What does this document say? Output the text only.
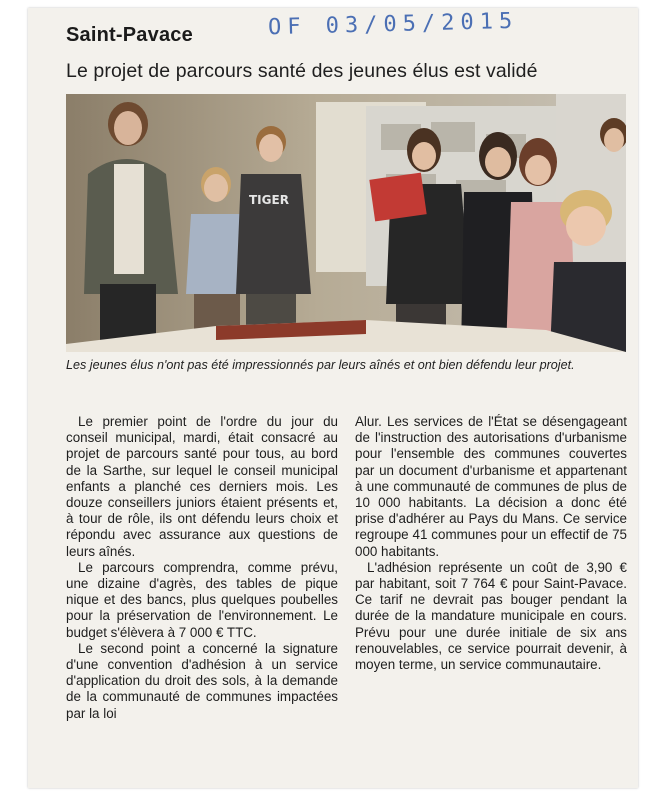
Saint-Pavace	OF 03/05/2015
Le projet de parcours santé des jeunes élus est validé
TIGER
Les jeunes élus n'ont pas été impressionnés par leurs aînés et ont bien défendu leur projet.

Le premier point de l'ordre du jour du conseil municipal, mardi, était consacré au projet de parcours santé pour tous, au bord de la Sarthe, sur lequel le conseil municipal enfants a planché ces derniers mois. Les douze conseillers juniors étaient présents et, à tour de rôle, ils ont défendu leurs choix et répondu avec assurance aux questions de leurs aînés.

Le parcours comprendra, comme prévu, une dizaine d'agrès, des tables de pique nique et des bancs, plus quelques poubelles pour la préservation de l'environnement. Le budget s'élèvera à 7 000 € TTC.

Le second point a concerné la signature d'une convention d'adhésion à un service d'application du droit des sols, à la demande de la communauté de communes impactées par la loi

Alur. Les services de l'État se désengageant de l'instruction des autorisations d'urbanisme pour l'ensemble des communes couvertes par un document d'urbanisme et appartenant à une communauté de communes de plus de 10 000 habitants. La décision a donc été prise d'adhérer au Pays du Mans. Ce service regroupe 41 communes pour un effectif de 75 000 habitants.

L'adhésion représente un coût de 3,90 € par habitant, soit 7 764 € pour Saint-Pavace. Ce tarif ne devrait pas bouger pendant la durée de la mandature municipale en cours. Prévu pour une durée initiale de six ans renouvelables, ce service pourrait devenir, à moyen terme, un service communautaire.
